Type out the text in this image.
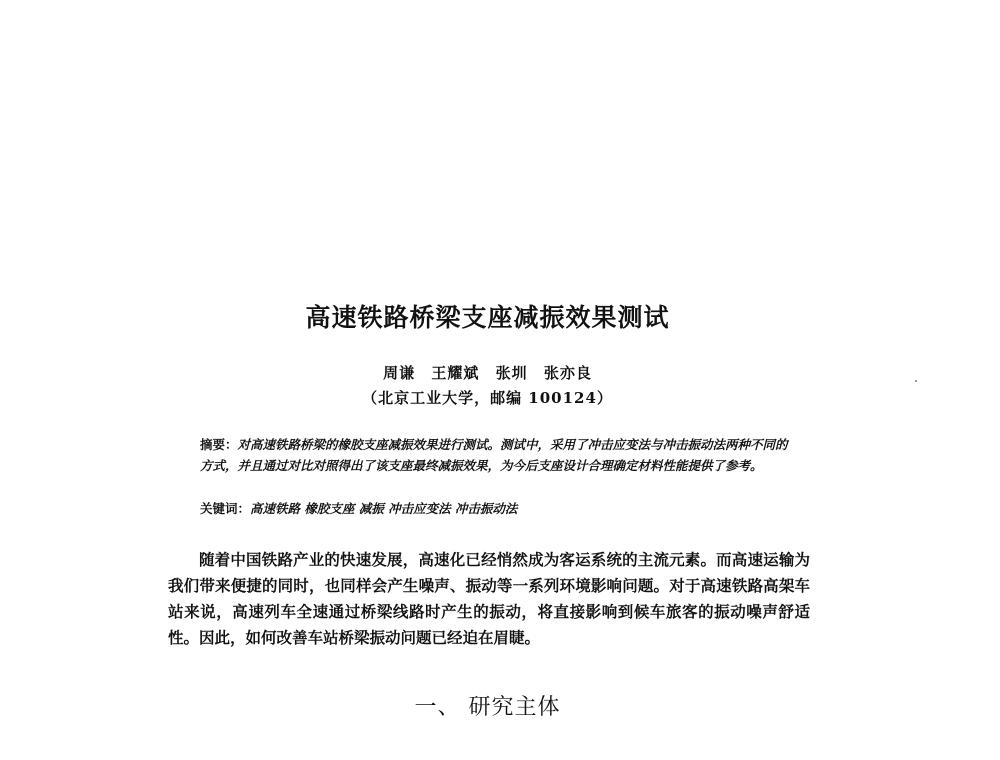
高速铁路桥梁支座减振效果测试
周谦 王耀斌 张圳 张亦良
（北京工业大学，邮编 100124）
摘要：对高速铁路桥梁的橡胶支座减振效果进行测试。测试中，采用了冲击应变法与冲击振动法两种不同的方式，并且通过对比对照得出了该支座最终减振效果，为今后支座设计合理确定材料性能提供了参考。
关键词：高速铁路 橡胶支座 减振 冲击应变法 冲击振动法
随着中国铁路产业的快速发展，高速化已经悄然成为客运系统的主流元素。而高速运输为我们带来便捷的同时，也同样会产生噪声、振动等一系列环境影响问题。对于高速铁路高架车站来说，高速列车全速通过桥梁线路时产生的振动，将直接影响到候车旅客的振动噪声舒适性。因此，如何改善车站桥梁振动问题已经迫在眉睫。
一、 研究主体
